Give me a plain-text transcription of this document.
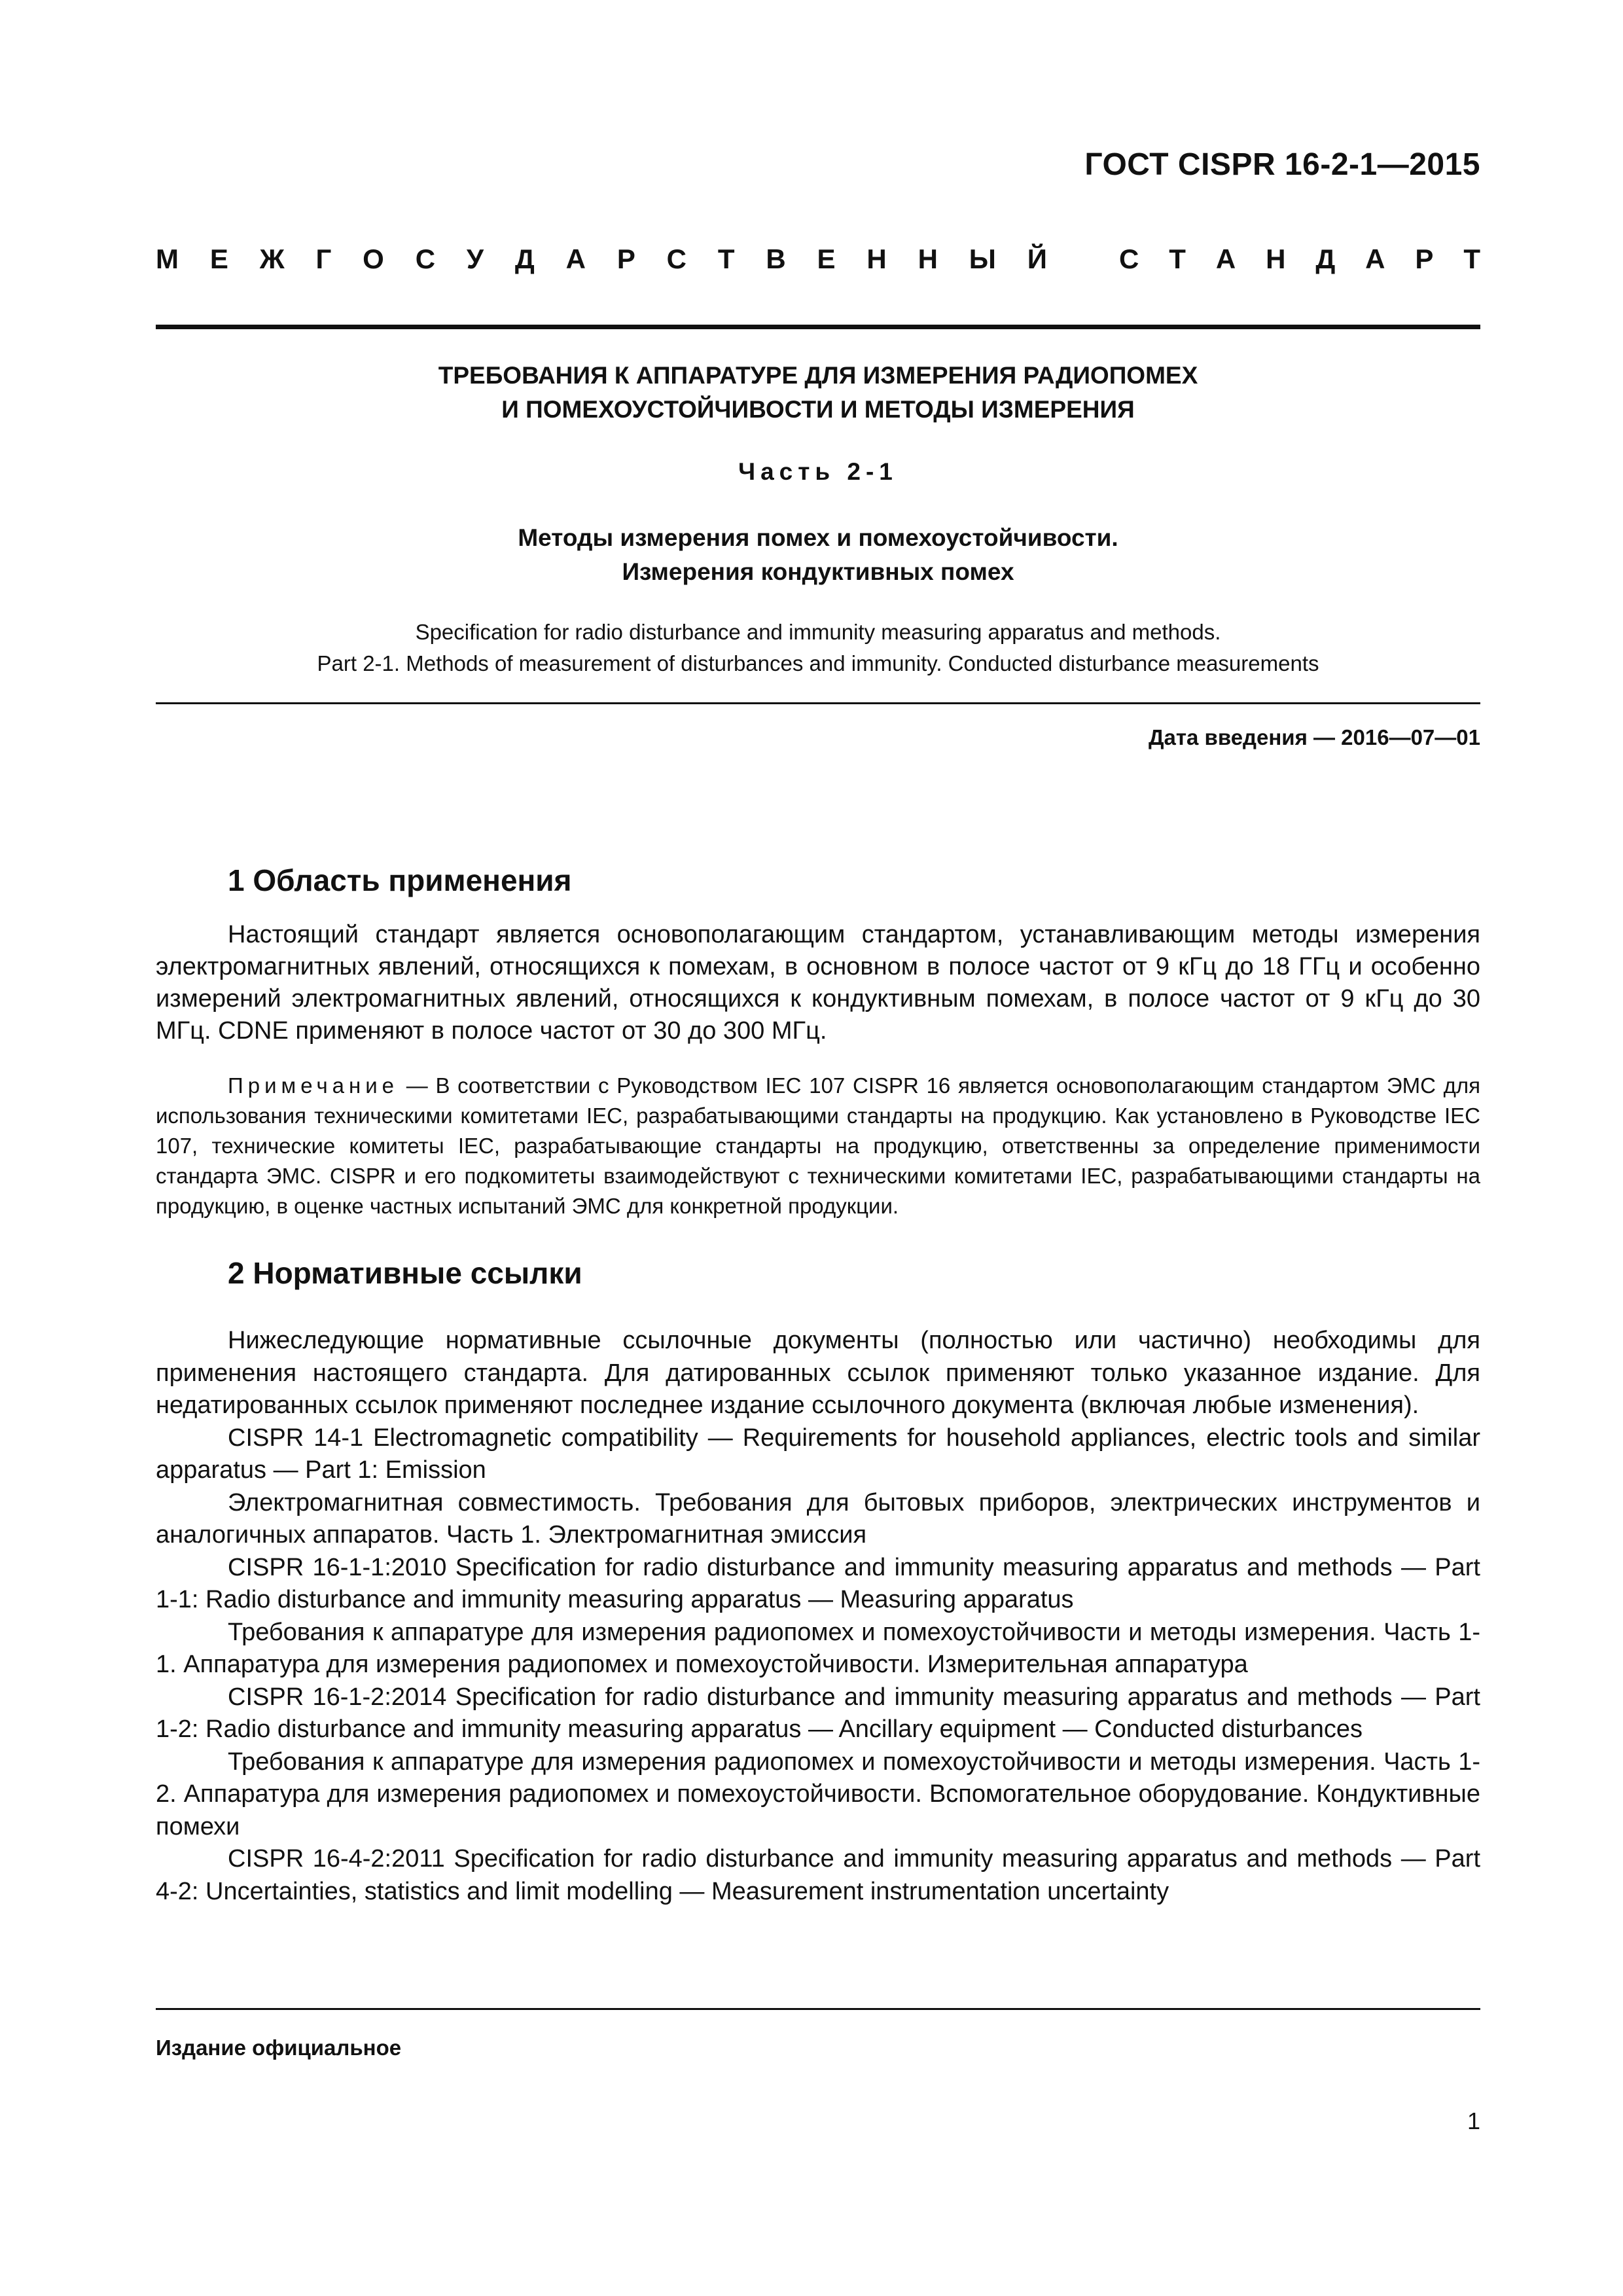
ГОСТ CISPR 16-2-1—2015
М Е Ж Г О С У Д А Р С Т В Е Н Н Ы Й	С Т А Н Д А Р Т
ТРЕБОВАНИЯ К АППАРАТУРЕ ДЛЯ ИЗМЕРЕНИЯ РАДИОПОМЕХ
И ПОМЕХОУСТОЙЧИВОСТИ И МЕТОДЫ ИЗМЕРЕНИЯ
Часть 2-1
Методы измерения помех и помехоустойчивости.
Измерения кондуктивных помех
Specification for radio disturbance and immunity measuring apparatus and methods.
Part 2-1. Methods of measurement of disturbances and immunity. Conducted disturbance measurements
Дата введения — 2016—07—01
1 Область применения
Настоящий стандарт является основополагающим стандартом, устанавливающим методы измерения электромагнитных явлений, относящихся к помехам, в основном в полосе частот от 9 кГц до 18 ГГц и особенно измерений электромагнитных явлений, относящихся к кондуктивным помехам, в полосе частот от 9 кГц до 30 МГц. CDNE применяют в полосе частот от 30 до 300 МГц.
Примечание — В соответствии с Руководством IEC 107 CISPR 16 является основополагающим стандартом ЭМС для использования техническими комитетами IEC, разрабатывающими стандарты на продукцию. Как установлено в Руководстве IEC 107, технические комитеты IEC, разрабатывающие стандарты на продукцию, ответственны за определение применимости стандарта ЭМС. CISPR и его подкомитеты взаимодействуют с техническими комитетами IEC, разрабатывающими стандарты на продукцию, в оценке частных испытаний ЭМС для конкретной продукции.
2 Нормативные ссылки

Нижеследующие нормативные ссылочные документы (полностью или частично) необходимы для применения настоящего стандарта. Для датированных ссылок применяют только указанное издание. Для недатированных ссылок применяют последнее издание ссылочного документа (включая любые изменения).

CISPR 14-1 Electromagnetic compatibility — Requirements for household appliances, electric tools and similar apparatus — Part 1: Emission

Электромагнитная совместимость. Требования для бытовых приборов, электрических инструментов и аналогичных аппаратов. Часть 1. Электромагнитная эмиссия

CISPR 16-1-1:2010 Specification for radio disturbance and immunity measuring apparatus and methods — Part 1-1: Radio disturbance and immunity measuring apparatus — Measuring apparatus

Требования к аппаратуре для измерения радиопомех и помехоустойчивости и методы измерения. Часть 1-1. Аппаратура для измерения радиопомех и помехоустойчивости. Измерительная аппаратура

CISPR 16-1-2:2014 Specification for radio disturbance and immunity measuring apparatus and methods — Part 1-2: Radio disturbance and immunity measuring apparatus — Ancillary equipment — Conducted disturbances

Требования к аппаратуре для измерения радиопомех и помехоустойчивости и методы измерения. Часть 1-2. Аппаратура для измерения радиопомех и помехоустойчивости. Вспомогательное оборудование. Кондуктивные помехи

CISPR 16-4-2:2011 Specification for radio disturbance and immunity measuring apparatus and methods — Part 4-2: Uncertainties, statistics and limit modelling — Measurement instrumentation uncertainty

Издание официальное
1
